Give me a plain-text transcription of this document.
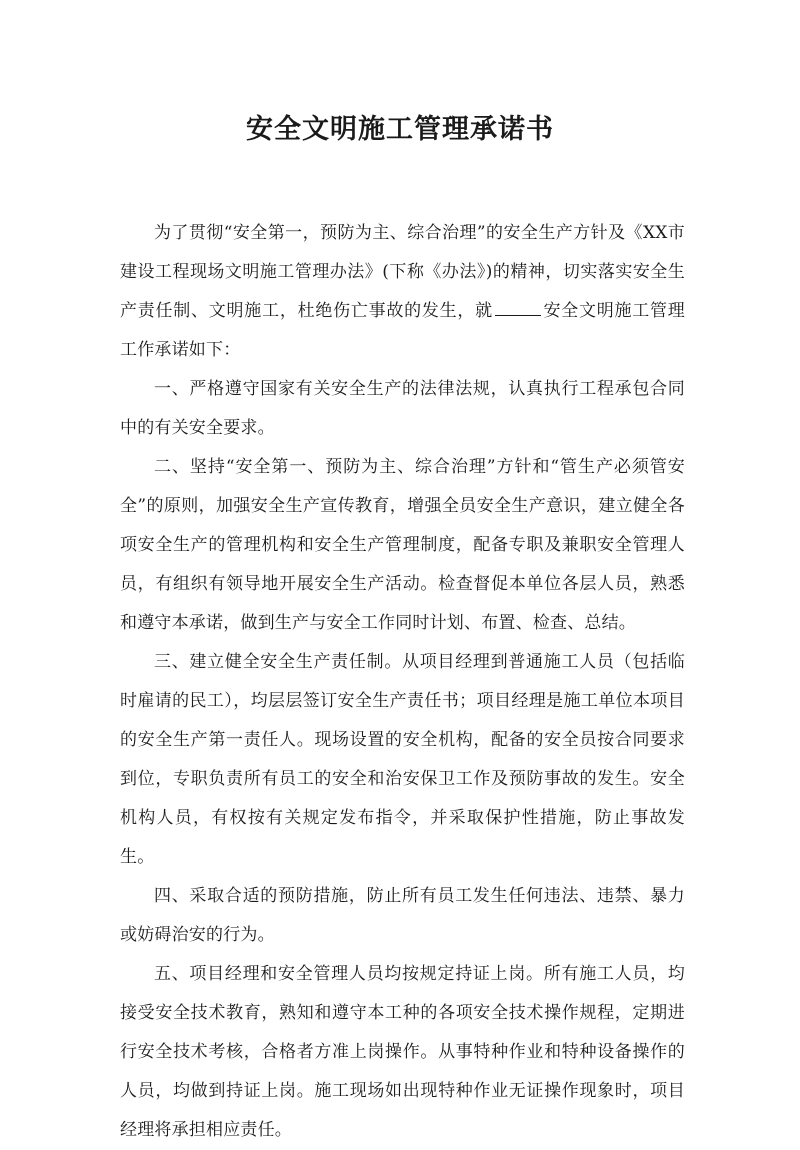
安全文明施工管理承诺书

为了贯彻“安全第一，预防为主、综合治理”的安全生产方针及《XX市建设工程现场文明施工管理办法》(下称《办法》)的精神，切实落实安全生产责任制、文明施工，杜绝伤亡事故的发生，就	安全文明施工管理工作承诺如下：

一、严格遵守国家有关安全生产的法律法规，认真执行工程承包合同中的有关安全要求。

二、坚持“安全第一、预防为主、综合治理”方针和“管生产必须管安全”的原则，加强安全生产宣传教育，增强全员安全生产意识，建立健全各项安全生产的管理机构和安全生产管理制度，配备专职及兼职安全管理人员，有组织有领导地开展安全生产活动。检查督促本单位各层人员，熟悉和遵守本承诺，做到生产与安全工作同时计划、布置、检查、总结。

三、建立健全安全生产责任制。从项目经理到普通施工人员（包括临时雇请的民工），均层层签订安全生产责任书；项目经理是施工单位本项目的安全生产第一责任人。现场设置的安全机构，配备的安全员按合同要求到位，专职负责所有员工的安全和治安保卫工作及预防事故的发生。安全机构人员，有权按有关规定发布指令，并采取保护性措施，防止事故发生。

四、采取合适的预防措施，防止所有员工发生任何违法、违禁、暴力或妨碍治安的行为。

五、项目经理和安全管理人员均按规定持证上岗。所有施工人员，均接受安全技术教育，熟知和遵守本工种的各项安全技术操作规程，定期进行安全技术考核，合格者方准上岗操作。从事特种作业和特种设备操作的人员，均做到持证上岗。施工现场如出现特种作业无证操作现象时，项目经理将承担相应责任。
